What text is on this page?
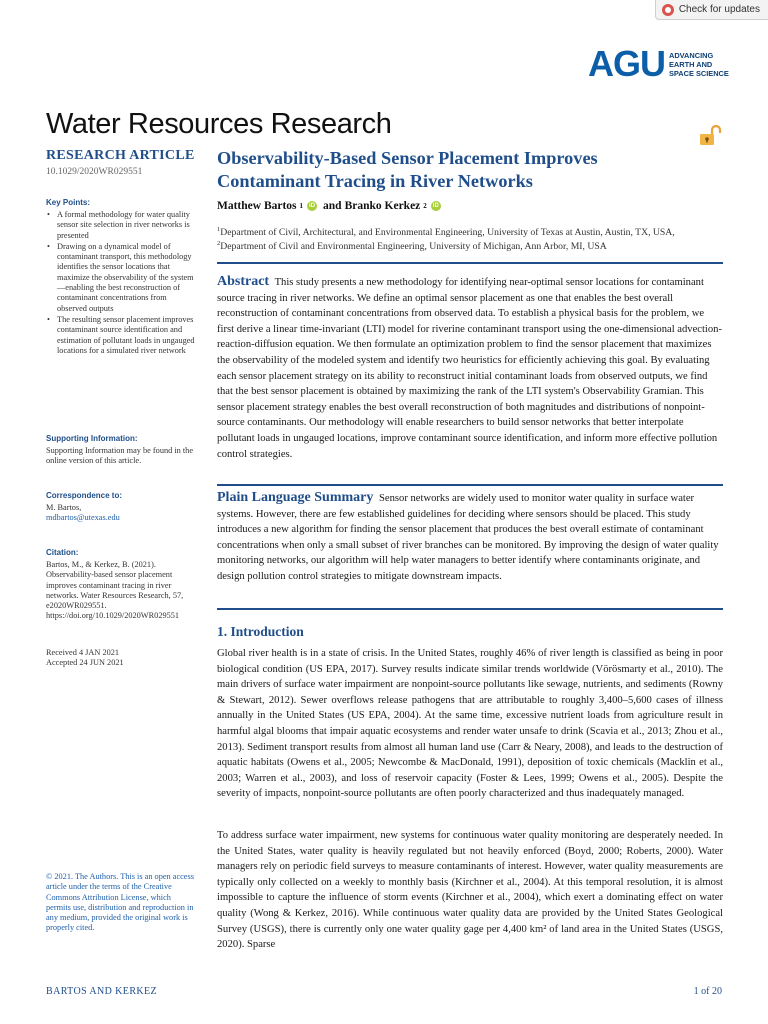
Check for updates
AGU ADVANCING
EARTH AND
SPACE SCIENCE
Water Resources Research
RESEARCH ARTICLE
10.1029/2020WR029551
Key Points:
• A formal methodology for water quality sensor site selection in river networks is presented
• Drawing on a dynamical model of contaminant transport, this methodology identifies the sensor locations that maximize the observability of the system—enabling the best reconstruction of contaminant concentrations from observed outputs
• The resulting sensor placement improves contaminant source identification and estimation of pollutant loads in ungauged locations for a simulated river network
Supporting Information:
Supporting Information may be found in the online version of this article.
Correspondence to:
M. Bartos,
mdbartos@utexas.edu
Citation:
Bartos, M., & Kerkez, B. (2021). Observability-based sensor placement improves contaminant tracing in river networks. Water Resources Research, 57, e2020WR029551. https://doi.org/10.1029/2020WR029551
Received 4 JAN 2021
Accepted 24 JUN 2021
© 2021. The Authors. This is an open access article under the terms of the Creative Commons Attribution License, which permits use, distribution and reproduction in any medium, provided the original work is properly cited.
Observability-Based Sensor Placement Improves Contaminant Tracing in River Networks
Matthew Bartos 1	iD and Branko Kerkez 2	iD
$^1$Department of Civil, Architectural, and Environmental Engineering, University of Texas at Austin, Austin, TX, USA,
$^2$Department of Civil and Environmental Engineering, University of Michigan, Ann Arbor, MI, USA
Abstract This study presents a new methodology for identifying near-optimal sensor locations for contaminant source tracing in river networks. We define an optimal sensor placement as one that enables the best overall reconstruction of contaminant concentrations from observed data. To establish a physical basis for the problem, we first derive a linear time-invariant (LTI) model for riverine contaminant transport using the one-dimensional advection-reaction-diffusion equation. We then formulate an optimization problem to find the sensor placement that maximizes the observability of the modeled system and identify two heuristics for efficiently achieving this goal. By evaluating each sensor placement strategy on its ability to reconstruct initial contaminant loads from observed outputs, we find that the best sensor placement is obtained by maximizing the rank of the LTI system's Observability Gramian. This sensor placement strategy enables the best overall reconstruction of both magnitudes and distributions of nonpoint-source contaminants. Our methodology will enable researchers to build sensor networks that better interpolate pollutant loads in ungauged locations, improve contaminant source identification, and inform more effective pollution control strategies.
Plain Language Summary Sensor networks are widely used to monitor water quality in surface water systems. However, there are few established guidelines for deciding where sensors should be placed. This study introduces a new algorithm for finding the sensor placement that produces the best overall estimate of contaminant concentrations when only a small subset of river branches can be monitored. By improving the design of water quality monitoring networks, our algorithm will help water managers to better identify where contaminants originate, and design pollution control strategies to mitigate downstream impacts.
1. Introduction
Global river health is in a state of crisis. In the United States, roughly 46% of river length is classified as being in poor biological condition (US EPA, 2017). Survey results indicate similar trends worldwide (Vörösmarty et al., 2010). The main drivers of surface water impairment are nonpoint-source pollutants like sewage, nutrients, and sediments (Rowny & Stewart, 2012). Sewer overflows release pathogens that are attributable to roughly 3,400–5,600 cases of illness annually in the United States (US EPA, 2004). At the same time, excessive nutrient loads from agriculture result in harmful algal blooms that impair aquatic ecosystems and render water unsafe to drink (Scavia et al., 2013; Zhou et al., 2013). Sediment transport results from almost all human land use (Carr & Neary, 2008), and leads to the destruction of aquatic habitats (Owens et al., 2005; Newcombe & MacDonald, 1991), deposition of toxic chemicals (Macklin et al., 2003; Warren et al., 2003), and loss of reservoir capacity (Foster & Lees, 1999; Owens et al., 2005). Despite the severity of impacts, nonpoint-source pollutants are often poorly characterized and thus inadequately managed.
To address surface water impairment, new systems for continuous water quality monitoring are desperately needed. In the United States, water quality is heavily regulated but not heavily enforced (Boyd, 2000; Roberts, 2000). Water managers rely on periodic field surveys to measure contaminants of interest. However, water quality measurements are typically only collected on a weekly to monthly basis (Kirchner et al., 2004). At this temporal resolution, it is almost impossible to capture the influence of storm events (Kirchner et al., 2004), which exert a dominating effect on water quality (Wong & Kerkez, 2016). While continuous water quality data are provided by the United States Geological Survey (USGS), there is currently only one water quality gage per 4,400 km² of land area in the United States (USGS, 2020). Sparse
BARTOS AND KERKEZ	1 of 20
